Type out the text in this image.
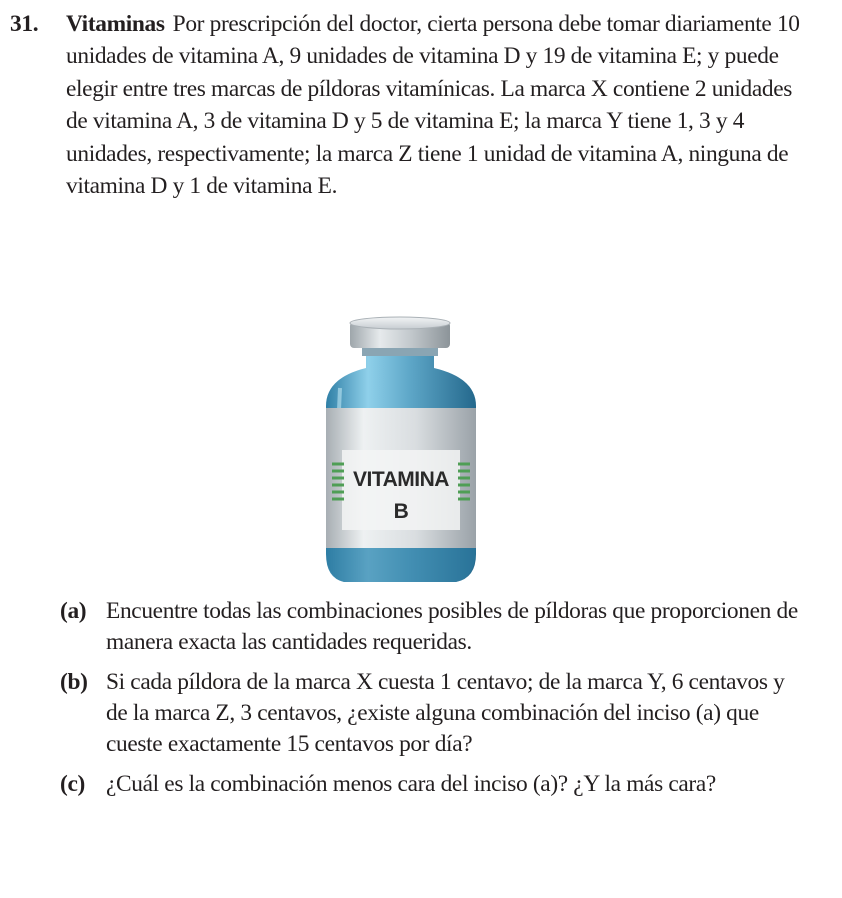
31. Vitaminas Por prescripción del doctor, cierta persona debe tomar diariamente 10 unidades de vitamina A, 9 unidades de vitamina D y 19 de vitamina E; y puede elegir entre tres marcas de píldoras vitamínicas. La marca X contiene 2 unidades de vitamina A, 3 de vitamina D y 5 de vitamina E; la marca Y tiene 1, 3 y 4 unidades, respectivamente; la marca Z tiene 1 unidad de vitamina A, ninguna de vitamina D y 1 de vitamina E.
VITAMINA
B
(a) Encuentre todas las combinaciones posibles de píldoras que proporcionen de manera exacta las cantidades requeridas.
(b) Si cada píldora de la marca X cuesta 1 centavo; de la marca Y, 6 centavos y de la marca Z, 3 centavos, ¿existe alguna combinación del inciso (a) que cueste exactamente 15 centavos por día?
(c) ¿Cuál es la combinación menos cara del inciso (a)? ¿Y la más cara?
